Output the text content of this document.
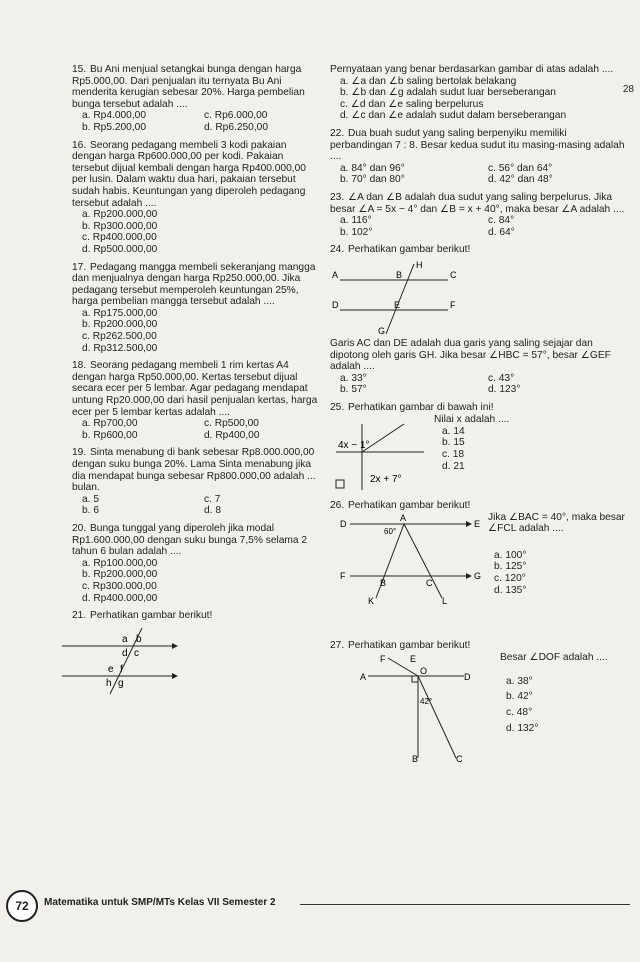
28
15. Bu Ani menjual setangkai bunga dengan harga Rp5.000,00. Dari penjualan itu ternyata Bu Ani menderita kerugian sebesar 20%. Harga pembelian bunga tersebut adalah ....
a. Rp4.000,00	c. Rp6.000,00
b. Rp5.200,00	d. Rp6.250,00
16. Seorang pedagang membeli 3 kodi pakaian dengan harga Rp600.000,00 per kodi. Pakaian tersebut dijual kembali dengan harga Rp400.000,00 per lusin. Dalam waktu dua hari, pakaian tersebut sudah habis. Keuntungan yang diperoleh pedagang tersebut adalah ....
a. Rp200.000,00
b. Rp300.000,00
c. Rp400.000,00
d. Rp500.000,00
17. Pedagang mangga membeli sekeranjang mangga dan menjualnya dengan harga Rp250.000,00. Jika pedagang tersebut memperoleh keuntungan 25%, harga pembelian mangga tersebut adalah ....
a. Rp175.000,00
b. Rp200.000,00
c. Rp262.500,00
d. Rp312.500,00
18. Seorang pedagang membeli 1 rim kertas A4 dengan harga Rp50.000,00. Kertas tersebut dijual secara ecer per 5 lembar. Agar pedagang mendapat untung Rp20.000,00 dari hasil penjualan kertas, harga ecer per 5 lembar kertas adalah ....
a. Rp700,00	c. Rp500,00
b. Rp600,00	d. Rp400,00
19. Sinta menabung di bank sebesar Rp8.000.000,00 dengan suku bunga 20%. Lama Sinta menabung jika dia mendapat bunga sebesar Rp800.000,00 adalah ... bulan.
a. 5	c. 7
b. 6	d. 8
20. Bunga tunggal yang diperoleh jika modal Rp1.600.000,00 dengan suku bunga 7,5% selama 2 tahun 6 bulan adalah ....
a. Rp100.000,00
b. Rp200.000,00
c. Rp300.000,00
d. Rp400.000,00
21. Perhatikan gambar berikut!
a b
d c
e f
h g
Pernyataan yang benar berdasarkan gambar di atas adalah ....
a. ∠a dan ∠b saling bertolak belakang
b. ∠b dan ∠g adalah sudut luar berseberangan
c. ∠d dan ∠e saling berpelurus
d. ∠c dan ∠e adalah sudut dalam berseberangan
22. Dua buah sudut yang saling berpenyiku memiliki perbandingan 7 : 8. Besar kedua sudut itu masing-masing adalah ....
a. 84° dan 96°	c. 56° dan 64°
b. 70° dan 80°	d. 42° dan 48°
23. ∠A dan ∠B adalah dua sudut yang saling berpelurus. Jika besar ∠A = 5x − 4° dan ∠B = x + 40°, maka besar ∠A adalah ....
a. 116°	c. 84°
b. 102°	d. 64°
24. Perhatikan gambar berikut!
H
A	B	C
D	E	F
G
Garis AC dan DE adalah dua garis yang saling sejajar dan dipotong oleh garis GH. Jika besar ∠HBC = 57°, besar ∠GEF adalah ....
a. 33°	c. 43°
b. 57°	d. 123°
25. Perhatikan gambar di bawah ini!
4x − 1°
2x + 7°
Nilai x adalah ....
a. 14
b. 15
c. 18
d. 21
26. Perhatikan gambar berikut!
D
A
E
60°
F
B	C
G
K	L
Jika ∠BAC = 40°, maka besar ∠FCL adalah ....
a. 100°
b. 125°
c. 120°
d. 135°
27. Perhatikan gambar berikut!
F	E
A
O
D
42°
B	C
Besar ∠DOF adalah ....
a. 38°
b. 42°
c. 48°
d. 132°
72	Matematika untuk SMP/MTs Kelas VII Semester 2
